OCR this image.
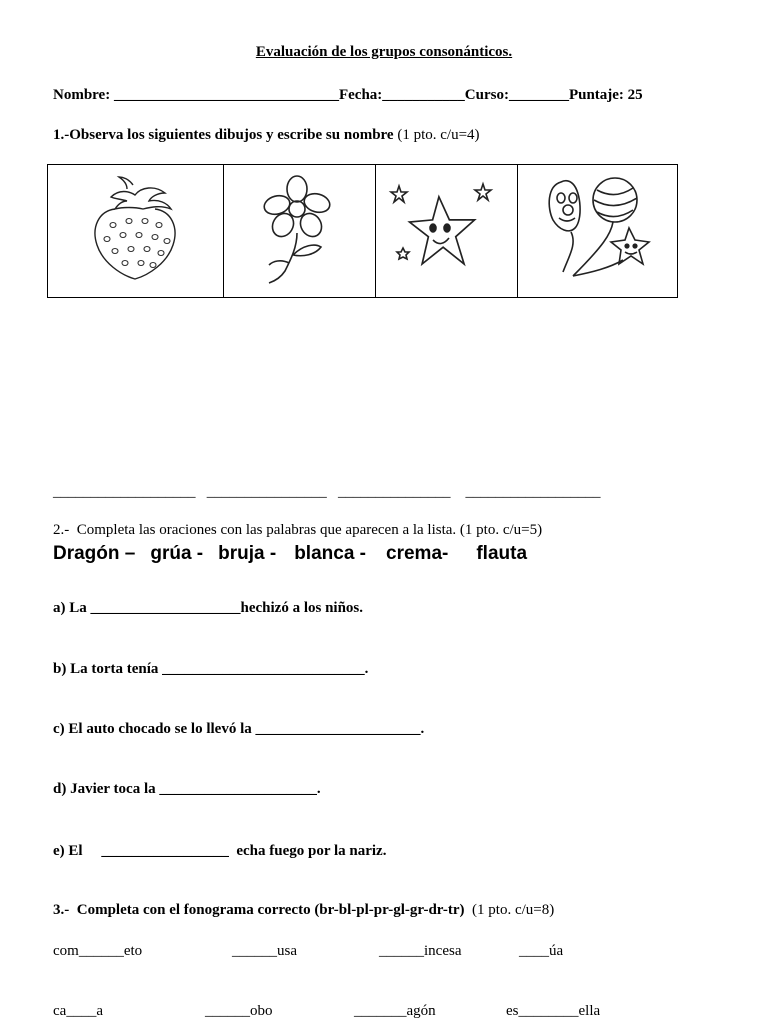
Evaluación de los grupos consonánticos.
Nombre: ______________________________Fecha:___________Curso:________Puntaje: 25
1.-Observa los siguientes dibujos y escribe su nombre (1 pto. c/u=4)
___________________   ________________   _______________    __________________
2.-  Completa las oraciones con las palabras que aparecen a la lista. (1 pto. c/u=5)
Dragón – grúa - bruja - blanca - crema- flauta
a) La ____________________hechizó a los niños.
b) La torta tenía ___________________________.
c) El auto chocado se lo llevó la ______________________.
d) Javier toca la _____________________.
e) El     _________________  echa fuego por la nariz.
3.-  Completa con el fonograma correcto (br-bl-pl-pr-gl-gr-dr-tr)  (1 pto. c/u=8)
com______eto	______usa	______incesa	____úa
ca____a	______obo	_______agón	es________ella
